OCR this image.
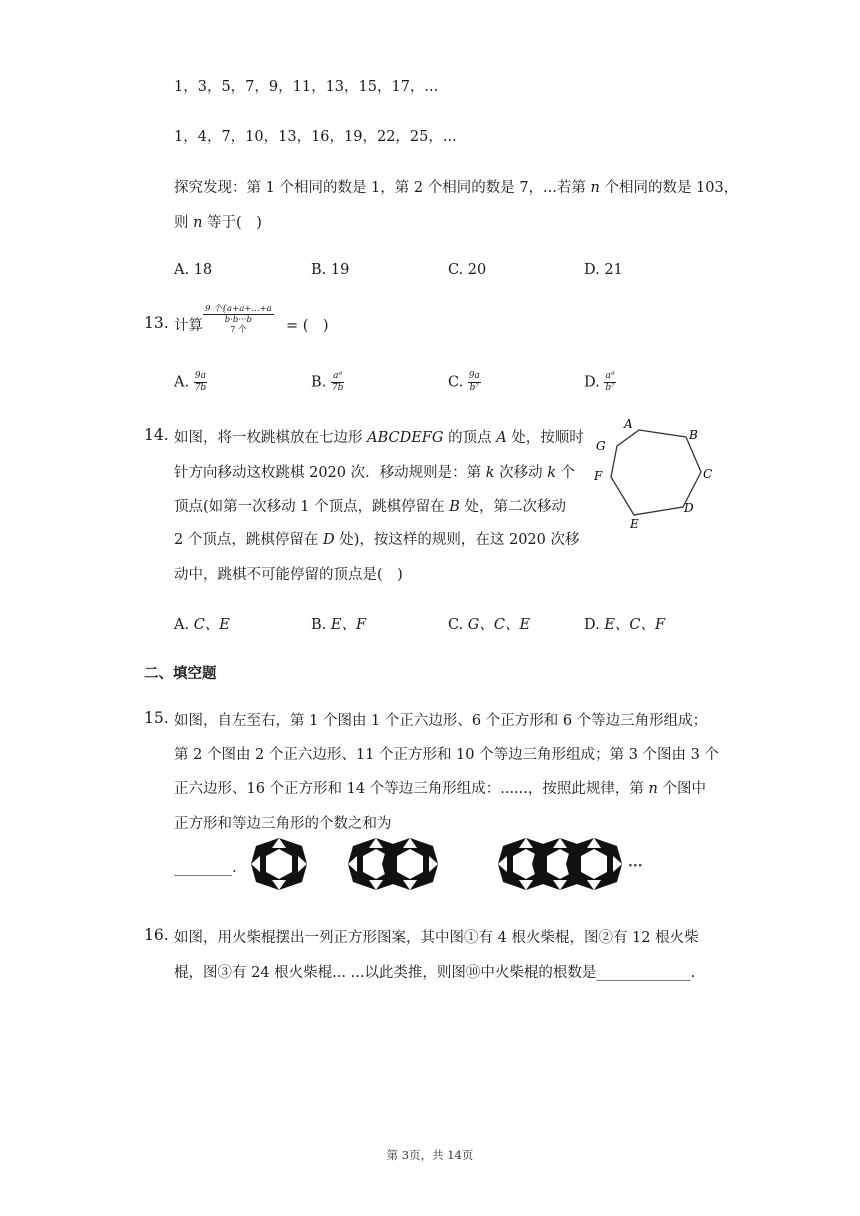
1，3，5，7，9，11，13，15，17，...
1，4，7，10，13，16，19，22，25，...
探究发现：第 1 个相同的数是 1，第 2 个相同的数是 7，...若第 n 个相同的数是 103，
则 n 等于(　)
A. 18	B. 19	C. 20	D. 21
13. 计算
9 个{a+a+...+a
b·b···b
7 个	= (　)
A. $\frac{9a}{7b}$	B. $\frac{\text{a⁹}}{7b}$	C. $\frac{9a}{\text{b⁷}}$	D. $\frac{\text{a⁹}}{\text{b⁷}}$
14. 如图，将一枚跳棋放在七边形 ABCDEFG 的顶点 A 处，按顺时
针方向移动这枚跳棋 2020 次．移动规则是：第 k 次移动 k 个
顶点(如第一次移动 1 个顶点，跳棋停留在 B 处，第二次移动
2 个顶点，跳棋停留在 D 处)，按这样的规则，在这 2020 次移
动中，跳棋不可能停留的顶点是(　)
A
B
C
D
E
F
G
A. C、E	B. E、F	C. G、C、E	D. E、C、F
二、填空题
15. 如图，自左至右，第 1 个图由 1 个正六边形、6 个正方形和 6 个等边三角形组成；
第 2 个图由 2 个正六边形、11 个正方形和 10 个等边三角形组成；第 3 个图由 3 个
正六边形、16 个正方形和 14 个等边三角形组成：......，按照此规律，第 n 个图中
正方形和等边三角形的个数之和为
________.	···
16. 如图，用火柴棍摆出一列正方形图案，其中图①有 4 根火柴棍，图②有 12 根火柴
棍，图③有 24 根火柴棍... ...以此类推，则图⑩中火柴棍的根数是_____________.
第 3页，共 14页
